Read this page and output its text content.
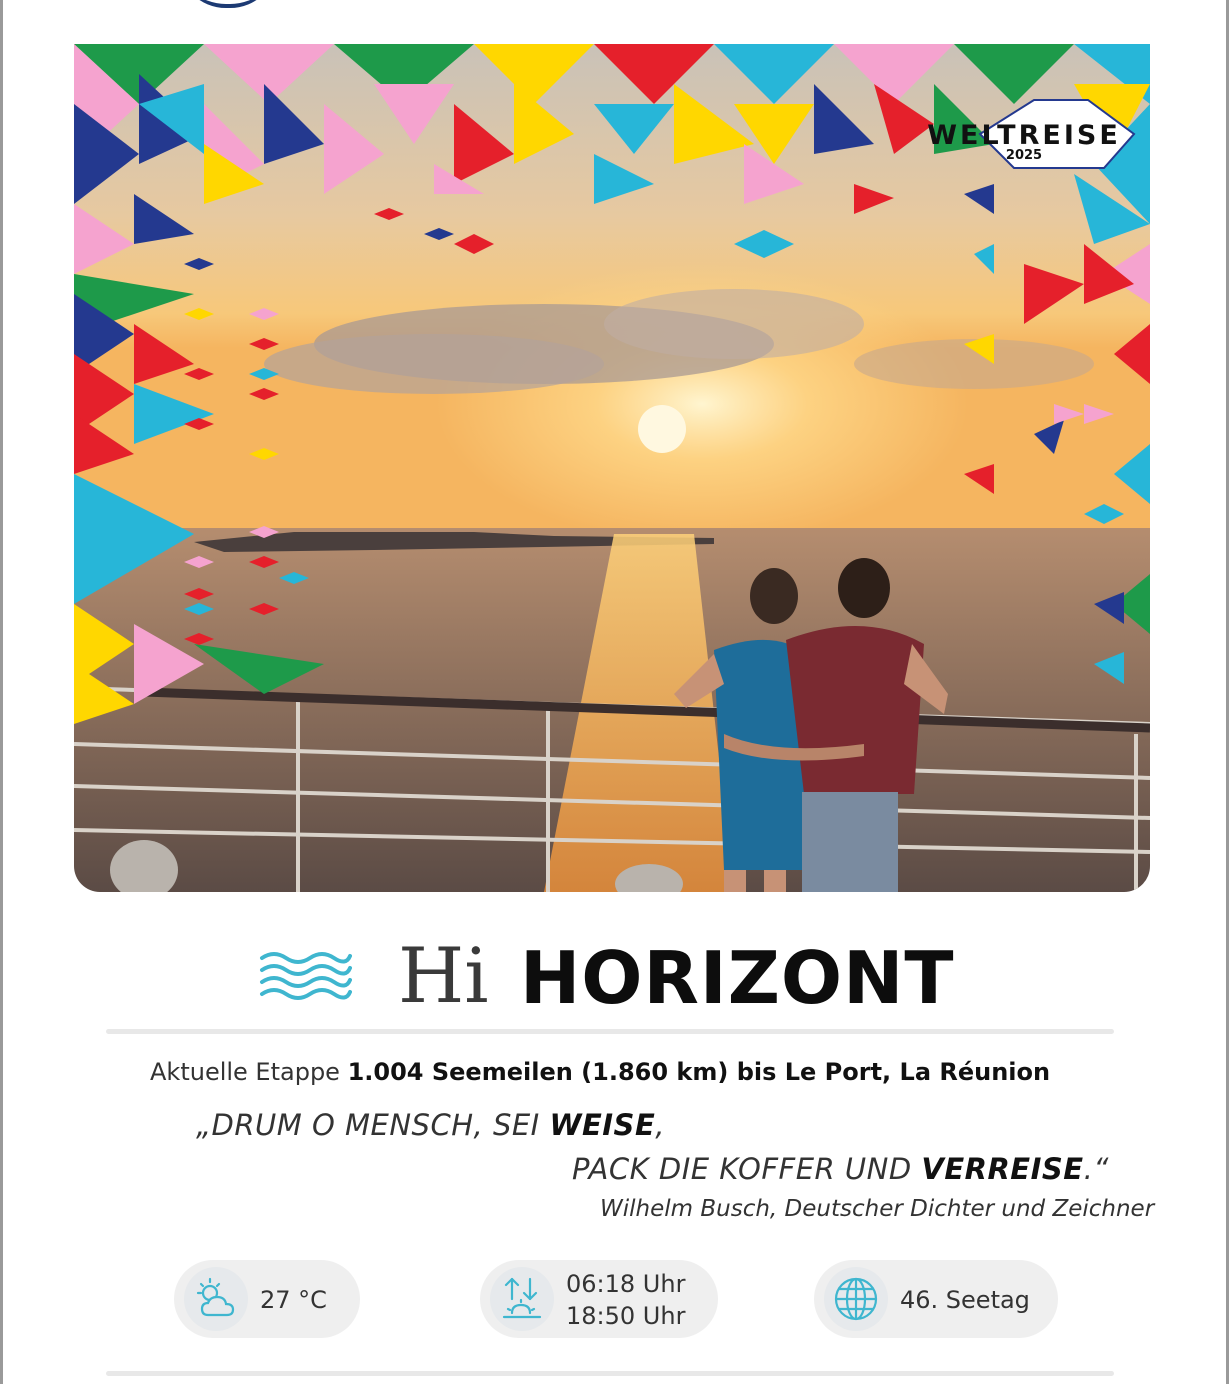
WELTREISE
2025
Hi HORIZONT
Aktuelle Etappe 1.004 Seemeilen (1.860 km) bis Le Port, La Réunion
„DRUM O MENSCH, SEI WEISE,
PACK DIE KOFFER UND VERREISE.“
Wilhelm Busch, Deutscher Dichter und Zeichner
27 °C
06:18 Uhr
18:50 Uhr
46. Seetag
